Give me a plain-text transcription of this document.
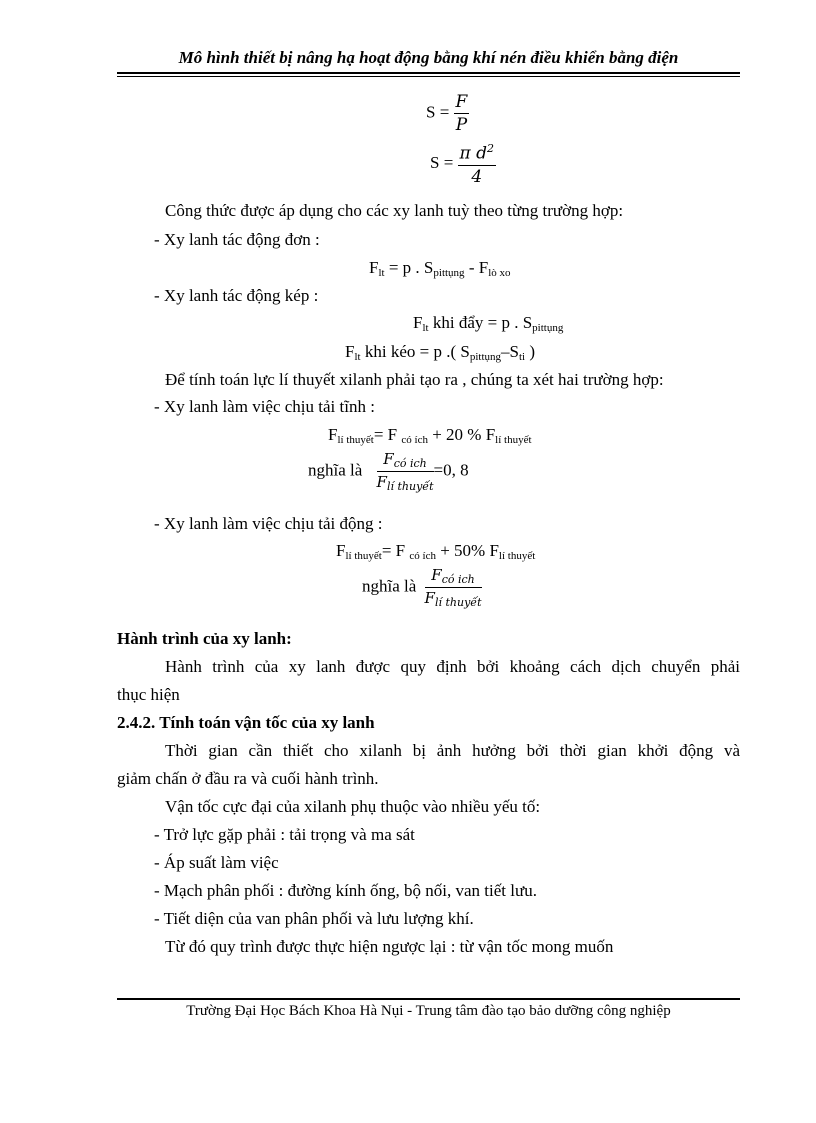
Mô hình thiết bị nâng hạ hoạt động bằng khí nén điều khiển bằng điện
$S = \frac{F}{P}$
$S = \frac{\pi d^2}{4}$
Công thức được áp dụng cho các xy lanh tuỳ theo từng trường hợp:
- Xy lanh tác động đơn :
$F_{lt} = p$ . $S_{pittụng} - F_{lò xo}$
- Xy lanh tác động kép :
$F_{lt}$ khi đẩy = p . $S_{pittụng}$
$F_{lt}$ khi kéo = p .( $S_{pittụng}-S_{ti}$ )
Để tính toán lực lí thuyết xilanh phải tạo ra , chúng ta xét hai trường hợp:
- Xy lanh làm việc chịu tải tĩnh :
$F_{lí thuyết}= F$ $_{có ích}$ + 20 % $F_{lí thuyết}$
nghĩa là $\frac{F_{có ich}}{F_{lí thuyết}} =0$, 8
- Xy lanh làm việc chịu tải động :
$F_{lí thuyết}= F$ $_{có ích}$ + 50% $F_{lí thuyết}$
nghĩa là $\frac{F_{có ich}}{F_{lí thuyết}}$
Hành trình của xy lanh:
Hành trình của xy lanh được quy định bởi khoảng cách dịch chuyển phải
thục hiện
2.4.2. Tính toán vận tốc của xy lanh
Thời gian cần thiết cho xilanh bị ảnh hưởng bởi thời gian khởi động và
giảm chấn ở đầu ra và cuối hành trình.
Vận tốc cực đại của xilanh phụ thuộc vào nhiều yếu tố:
- Trở lực gặp phải : tải trọng và ma sát
- Áp suất làm việc
- Mạch phân phối : đường kính ống, bộ nối, van tiết lưu.
- Tiết diện của van phân phối và lưu lượng khí.
Từ đó quy trình được thực hiện ngược lại : từ vận tốc mong muốn
Trường Đại Học Bách Khoa Hà Nụi - Trung tâm đào tạo bảo dưỡng công nghiệp
